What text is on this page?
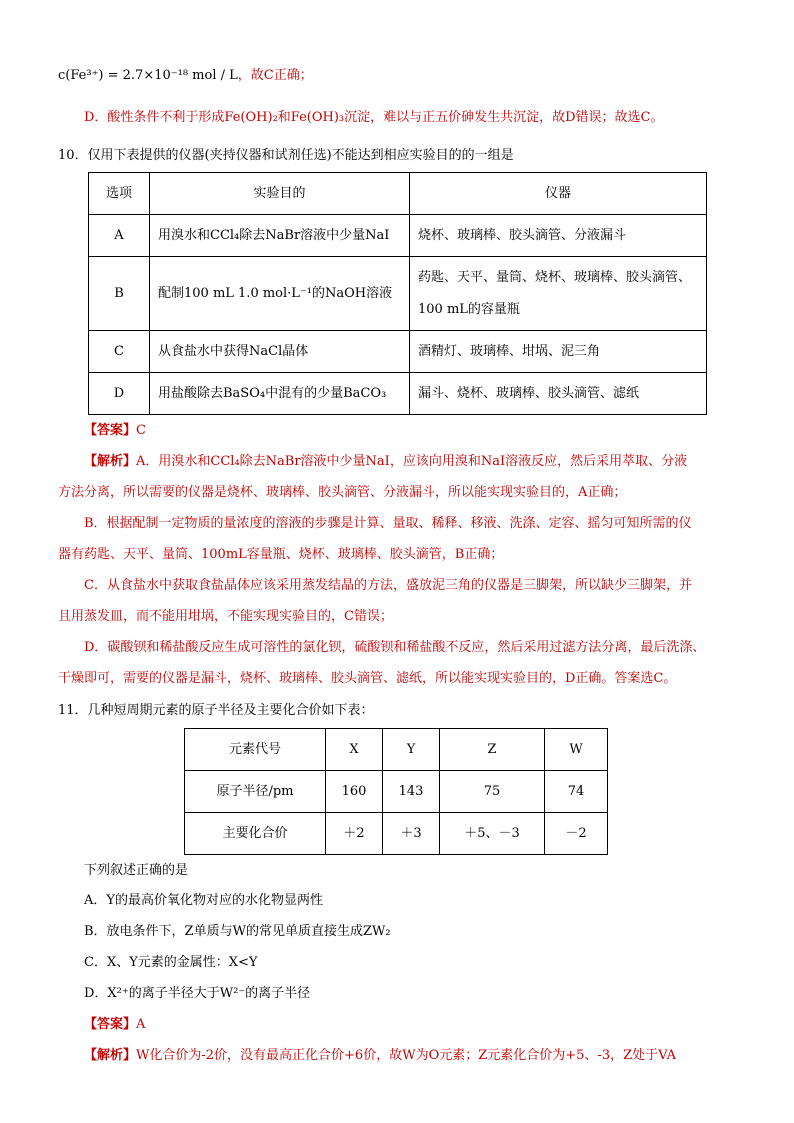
c(Fe³⁺) = 2.7×10⁻¹⁸ mol / L，故C正确；
D．酸性条件不利于形成Fe(OH)₂和Fe(OH)₃沉淀，难以与正五价砷发生共沉淀，故D错误；故选C。
10．仅用下表提供的仪器(夹持仪器和试剂任选)不能达到相应实验目的的一组是
选项	实验目的	仪器
A	用溴水和CCl₄除去NaBr溶液中少量NaI	烧杯、玻璃棒、胶头滴管、分液漏斗
B	配制100 mL 1.0 mol·L⁻¹的NaOH溶液	药匙、天平、量筒、烧杯、玻璃棒、胶头滴管、
100 mL的容量瓶

C	从食盐水中获得NaCl晶体	酒精灯、玻璃棒、坩埚、泥三角
D	用盐酸除去BaSO₄中混有的少量BaCO₃	漏斗、烧杯、玻璃棒、胶头滴管、滤纸
【答案】C
【解析】A．用溴水和CCl₄除去NaBr溶液中少量NaI，应该向用溴和NaI溶液反应，然后采用萃取、分液
方法分离，所以需要的仪器是烧杯、玻璃棒、胶头滴管、分液漏斗，所以能实现实验目的，A正确；
B．根据配制一定物质的量浓度的溶液的步骤是计算、量取、稀释、移液、洗涤、定容、摇匀可知所需的仪
器有药匙、天平、量筒、100mL容量瓶、烧杯、玻璃棒、胶头滴管，B正确；
C．从食盐水中获取食盐晶体应该采用蒸发结晶的方法，盛放泥三角的仪器是三脚架，所以缺少三脚架，并
且用蒸发皿，而不能用坩埚，不能实现实验目的，C错误；
D．碳酸钡和稀盐酸反应生成可溶性的氯化钡，硫酸钡和稀盐酸不反应，然后采用过滤方法分离，最后洗涤、
干燥即可，需要的仪器是漏斗，烧杯、玻璃棒、胶头滴管、滤纸，所以能实现实验目的，D正确。答案选C。
11．几种短周期元素的原子半径及主要化合价如下表：
元素代号	X	Y	Z	W
原子半径/pm	160	143	75	74
主要化合价	＋2	＋3	＋5、－3	－2
下列叙述正确的是
A．Y的最高价氧化物对应的水化物显两性
B．放电条件下，Z单质与W的常见单质直接生成ZW₂
C．X、Y元素的金属性：X<Y
D．X²⁺的离子半径大于W²⁻的离子半径
【答案】A
【解析】W化合价为-2价，没有最高正化合价+6价，故W为O元素；Z元素化合价为+5、-3，Z处于VA
